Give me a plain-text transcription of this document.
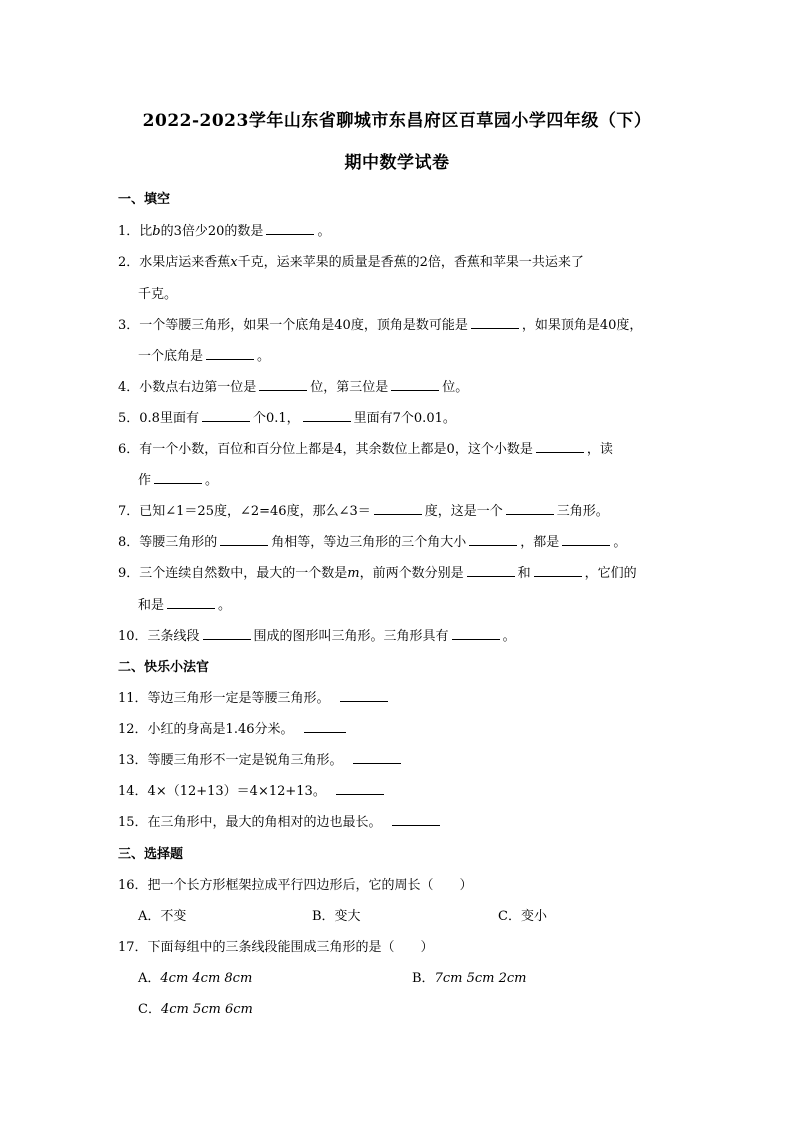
2022-2023学年山东省聊城市东昌府区百草园小学四年级（下）
期中数学试卷
一、填空
1．比b的3倍少20的数是	。
2．水果店运来香蕉x千克，运来苹果的质量是香蕉的2倍，香蕉和苹果一共运来了
千克。
3．一个等腰三角形，如果一个底角是40度，顶角是数可能是	，如果顶角是40度，
一个底角是	。
4．小数点右边第一位是	位，第三位是	位。
5．0.8里面有	个0.1，	里面有7个0.01。
6．有一个小数，百位和百分位上都是4，其余数位上都是0，这个小数是	，读
作	。
7．已知∠1＝25度，∠2=46度，那么∠3＝	度，这是一个	三角形。
8．等腰三角形的	角相等，等边三角形的三个角大小	，都是	。
9．三个连续自然数中，最大的一个数是m，前两个数分别是	和	，它们的
和是	。
10．三条线段	围成的图形叫三角形。三角形具有	。
二、快乐小法官
11．等边三角形一定是等腰三角形。
12．小红的身高是1.46分米。
13．等腰三角形不一定是锐角三角形。
14．4×（12+13）＝4×12+13。
15．在三角形中，最大的角相对的边也最长。
三、选择题
16．把一个长方形框架拉成平行四边形后，它的周长（　　）
A．不变	B．变大	C．变小
17．下面每组中的三条线段能围成三角形的是（　　）
A．4cm 4cm 8cm	B．7cm 5cm 2cm
C．4cm 5cm 6cm
